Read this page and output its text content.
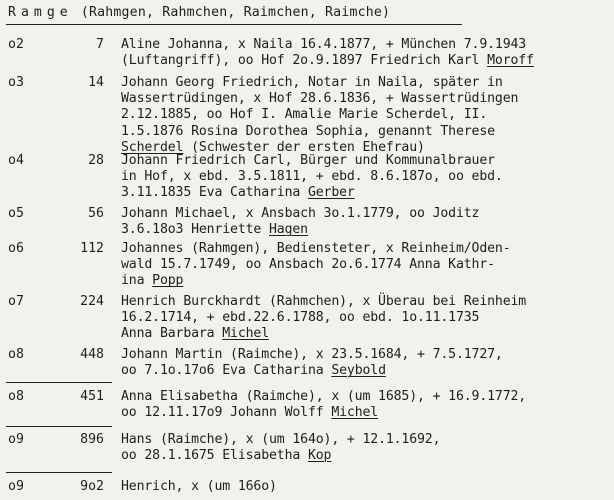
Ramge (Rahmgen, Rahmchen, Raimchen, Raimche)
o2	7 Aline Johanna, x Naila 16.4.1877, + München 7.9.1943
(Luftangriff), oo Hof 2o.9.1897 Friedrich Karl Moroff
o3	14 Johann Georg Friedrich, Notar in Naila, später in
Wassertrüdingen, x Hof 28.6.1836, + Wassertrüdingen
2.12.1885, oo Hof I. Amalie Marie Scherdel, II.
1.5.1876 Rosina Dorothea Sophia, genannt Therese
Scherdel (Schwester der ersten Ehefrau)
o4	28 Johann Friedrich Carl, Bürger und Kommunalbrauer
in Hof, x ebd. 3.5.1811, + ebd. 8.6.187o, oo ebd.
3.11.1835 Eva Catharina Gerber
o5	56 Johann Michael, x Ansbach 3o.1.1779, oo Joditz
3.6.18o3 Henriette Hagen
o6	112 Johannes (Rahmgen), Bediensteter, x Reinheim/Oden-
wald 15.7.1749, oo Ansbach 2o.6.1774 Anna Kathr-
ina Popp
o7	224 Henrich Burckhardt (Rahmchen), x Überau bei Reinheim
16.2.1714, + ebd.22.6.1788, oo ebd. 1o.11.1735
Anna Barbara Michel
o8	448 Johann Martin (Raimche), x 23.5.1684, + 7.5.1727,
oo 7.1o.17o6 Eva Catharina Seybold
o8	451 Anna Elisabetha (Raimche), x (um 1685), + 16.9.1772,
oo 12.11.17o9 Johann Wolff Michel
o9	896 Hans (Raimche), x (um 164o), + 12.1.1692,
oo 28.1.1675 Elisabetha Kop
o9	9o2 Henrich, x (um 166o)
